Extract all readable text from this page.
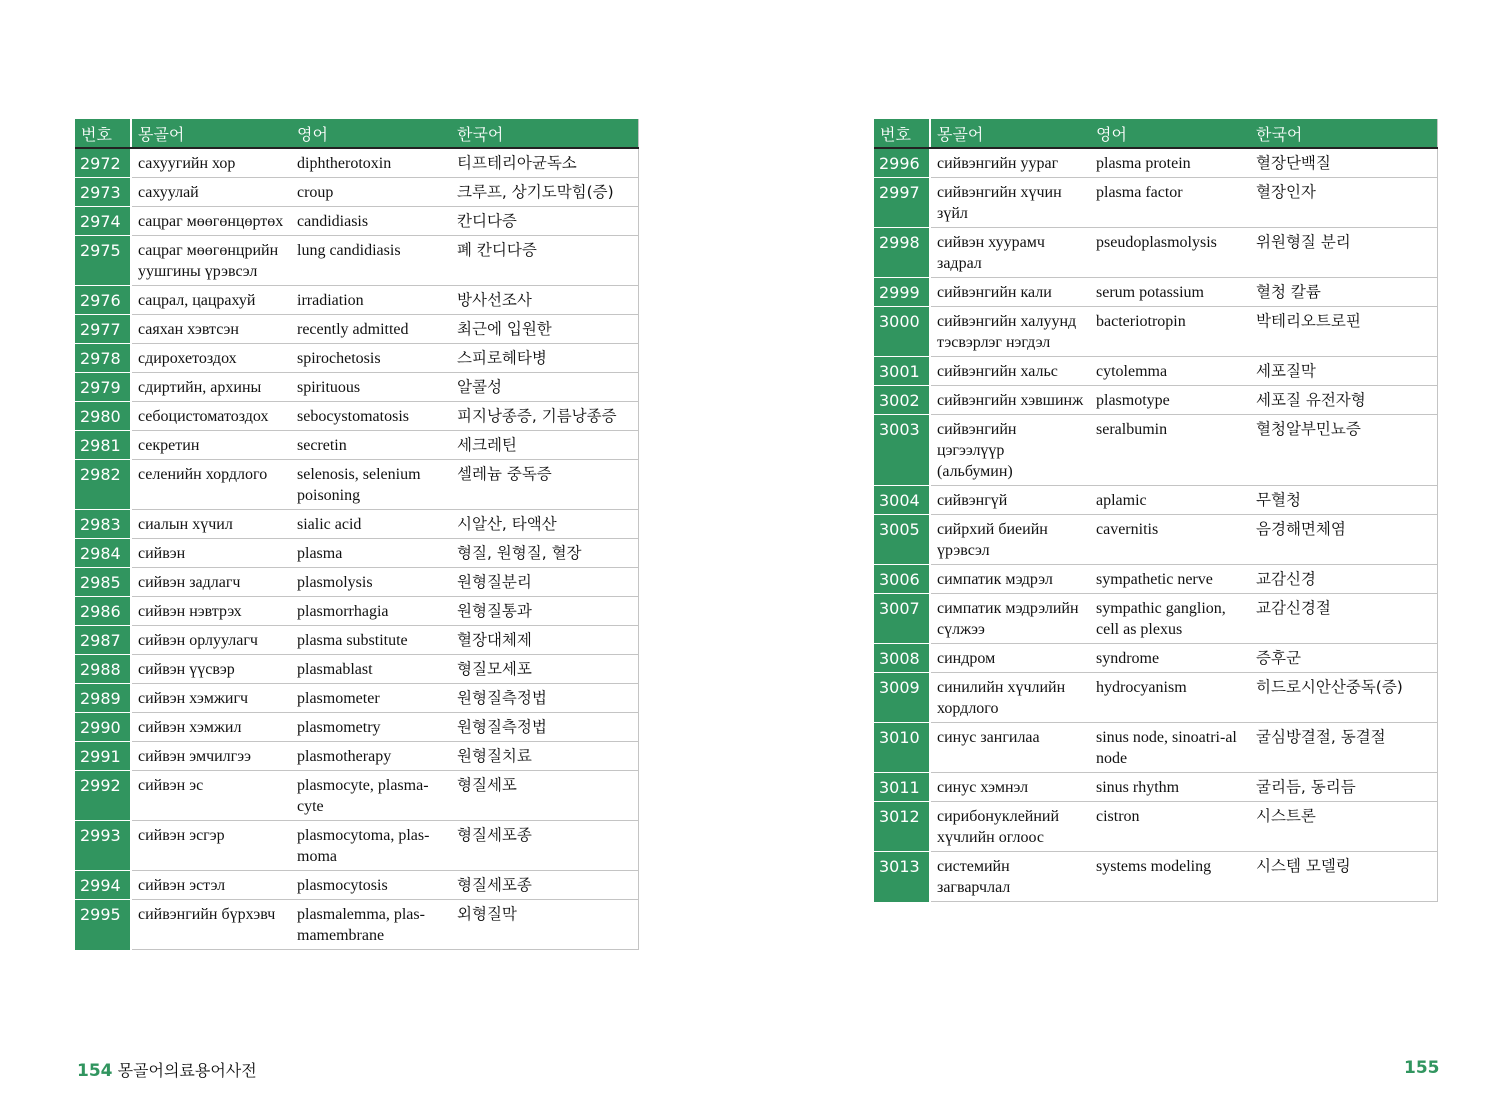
번호	몽골어	영어	한국어
2972	сахуугийн хор	diphtherotoxin	티프테리아균독소
2973	сахуулай	croup	크루프, 상기도막힘(증)
2974	сацраг мөөгөнцөртөх	candidiasis	칸디다증
2975	сацраг мөөгөнцрийн уушгины үрэвсэл	lung candidiasis	폐 칸디다증
2976	сацрал, цацрахуй	irradiation	방사선조사
2977	саяхан хэвтсэн	recently admitted	최근에 입원한
2978	сдирохетоздох	spirochetosis	스피로헤타병
2979	сдиртийн, архины	spirituous	알콜성
2980	себоцистоматоздох	sebocystomatosis	피지낭종증, 기름낭종증
2981	секретин	secretin	세크레틴
2982	селенийн хордлого	selenosis, selenium poisoning	셀레늄 중독증
2983	сиалын хүчил	sialic acid	시알산, 타액산
2984	сийвэн	plasma	형질, 원형질, 혈장
2985	сийвэн задлагч	plasmolysis	원형질분리
2986	сийвэн нэвтрэх	plasmorrhagia	원형질통과
2987	сийвэн орлуулагч	plasma substitute	혈장대체제
2988	сийвэн үүсвэр	plasmablast	형질모세포
2989	сийвэн хэмжигч	plasmometer	원형질측정법
2990	сийвэн хэмжил	plasmometry	원형질측정법
2991	сийвэн эмчилгээ	plasmotherapy	원형질치료
2992	сийвэн эс	plasmocyte, plasma-cyte	형질세포
2993	сийвэн эсгэр	plasmocytoma, plas-moma	형질세포종
2994	сийвэн эстэл	plasmocytosis	형질세포종
2995	сийвэнгийн бүрхэвч	plasmalemma, plas-mamembrane	외형질막
번호	몽골어	영어	한국어
2996	сийвэнгийн уураг	plasma protein	혈장단백질
2997	сийвэнгийн хүчин зүйл	plasma factor	혈장인자
2998	сийвэн хуурамч задрал	pseudoplasmolysis	위원형질 분리
2999	сийвэнгийн кали	serum potassium	혈청 칼륨
3000	сийвэнгийн халуунд тэсвэрлэг нэгдэл	bacteriotropin	박테리오트로핀
3001	сийвэнгийн хальс	cytolemma	세포질막
3002	сийвэнгийн хэвшинж	plasmotype	세포질 유전자형
3003	сийвэнгийн цэгээлүүр (альбумин)	seralbumin	혈청알부민뇨증
3004	сийвэнгүй	aplamic	무혈청
3005	сийрхий биеийн үрэвсэл	cavernitis	음경해면체염
3006	симпатик мэдрэл	sympathetic nerve	교감신경
3007	симпатик мэдрэлийн сүлжээ	sympathic ganglion, cell as plexus	교감신경절
3008	синдром	syndrome	증후군
3009	синилийн хүчлийн хордлого	hydrocyanism	히드로시안산중독(증)
3010	синус зангилаа	sinus node, sinoatri-al node	굴심방결절, 동결절
3011	синус хэмнэл	sinus rhythm	굴리듬, 동리듬
3012	сирибонуклейний хүчлийн оглоос	cistron	시스트론
3013	системийн загварчлал	systems modeling	시스템 모델링
154 몽골어의료용어사전	155
